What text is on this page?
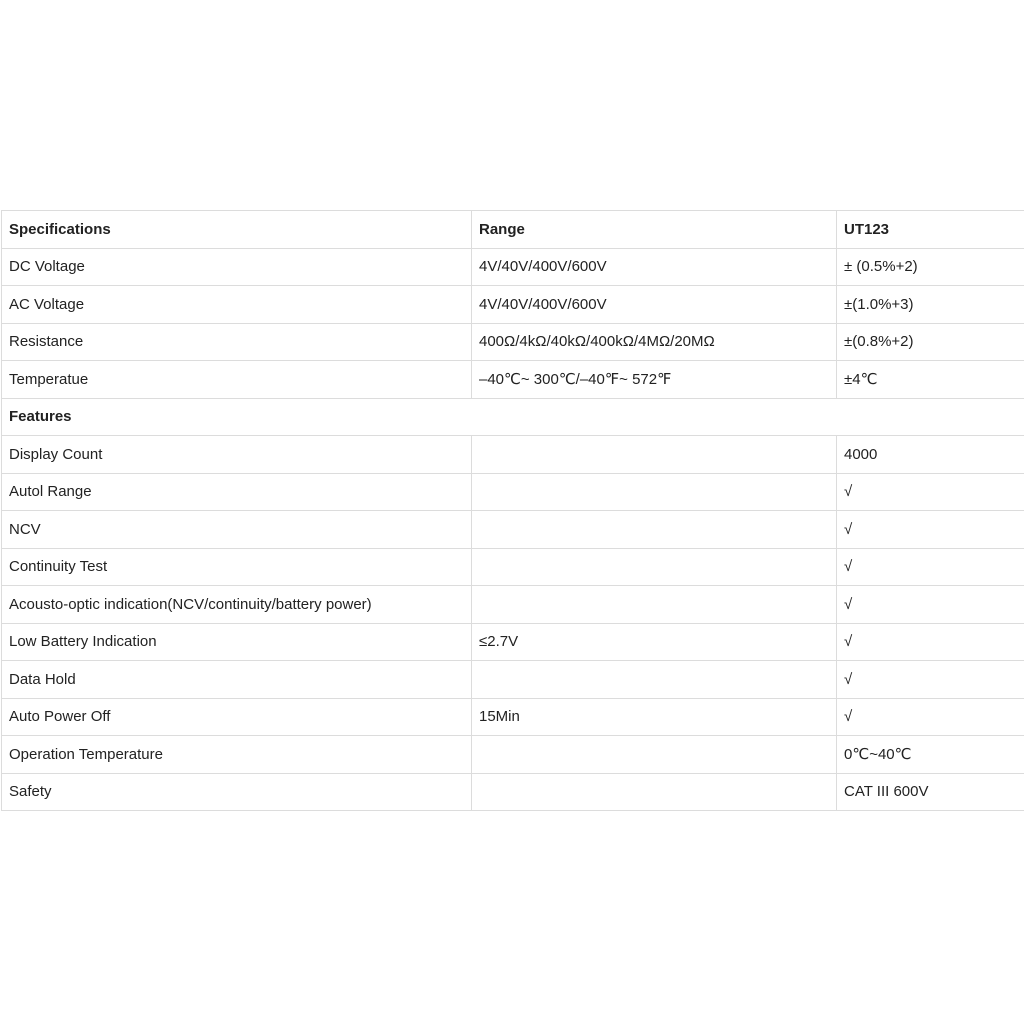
Specifications	Range	UT123
DC Voltage	4V/40V/400V/600V	± (0.5%+2)
AC Voltage	4V/40V/400V/600V	±(1.0%+3)
Resistance	400Ω/4kΩ/40kΩ/400kΩ/4MΩ/20MΩ	±(0.8%+2)
Temperatue	–40℃~ 300℃/–40℉~ 572℉	±4℃
Features		
Display Count		4000
Autol Range		√
NCV		√
Continuity Test		√
Acousto-optic indication(NCV/continuity/battery power)		√
Low Battery Indication	≤2.7V	√
Data Hold		√
Auto Power Off	15Min	√
Operation Temperature		0℃~40℃
Safety		CAT III 600V
